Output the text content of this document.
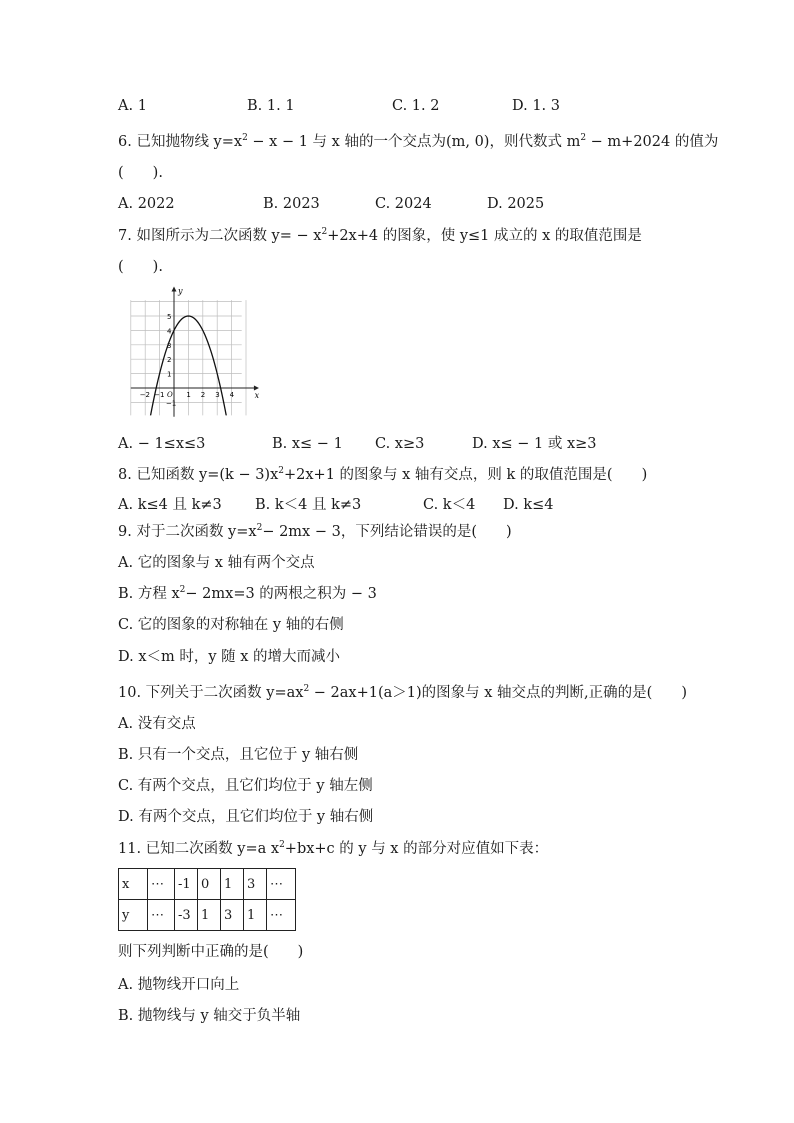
A. 1	B. 1. 1	C. 1. 2	D. 1. 3
6. 已知抛物线 $y=x^2 - x - 1$ 与 x 轴的一个交点为(m, 0)，则代数式 $m^2 - m+2024$ 的值为
(　　).
A. 2022	B. 2023	C. 2024	D. 2025
7. 如图所示为二次函数 $y= - x^2+2x+4$ 的图象，使 y≤1 成立的 x 的取值范围是
(　　).
x
y
O
−2 −1	1 2 3 4
1
2
3
4
5
−1
A. − 1≤x≤3	B. x≤ − 1 C. x≥3	D. x≤ − 1 或 x≥3
8. 已知函数 $y=(k - 3)x^2+2x+1$ 的图象与 x 轴有交点，则 k 的取值范围是(　　)
A. k≤4 且 k≠3 B. k＜4 且 k≠3	C. k＜4 D. k≤4
9. 对于二次函数 $y=x^2- 2mx - 3$，下列结论错误的是(　　)
A. 它的图象与 x 轴有两个交点
B. 方程 $x^2- 2mx=3$ 的两根之积为 − 3
C. 它的图象的对称轴在 y 轴的右侧
D. x＜m 时，y 随 x 的增大而减小
10. 下列关于二次函数 $y=ax^2 - 2ax+1(a>1)$的图象与 x 轴交点的判断,正确的是(　　)
A. 没有交点
B. 只有一个交点，且它位于 y 轴右侧
C. 有两个交点，且它们均位于 y 轴左侧
D. 有两个交点，且它们均位于 y 轴右侧
11. 已知二次函数 y=a $x^2+bx+c$ 的 y 与 x 的部分对应值如下表：
x	⋯	-1	0	1	3	⋯
y	⋯	-3	1	3	1	⋯
则下列判断中正确的是(　　)
A. 抛物线开口向上
B. 抛物线与 y 轴交于负半轴
